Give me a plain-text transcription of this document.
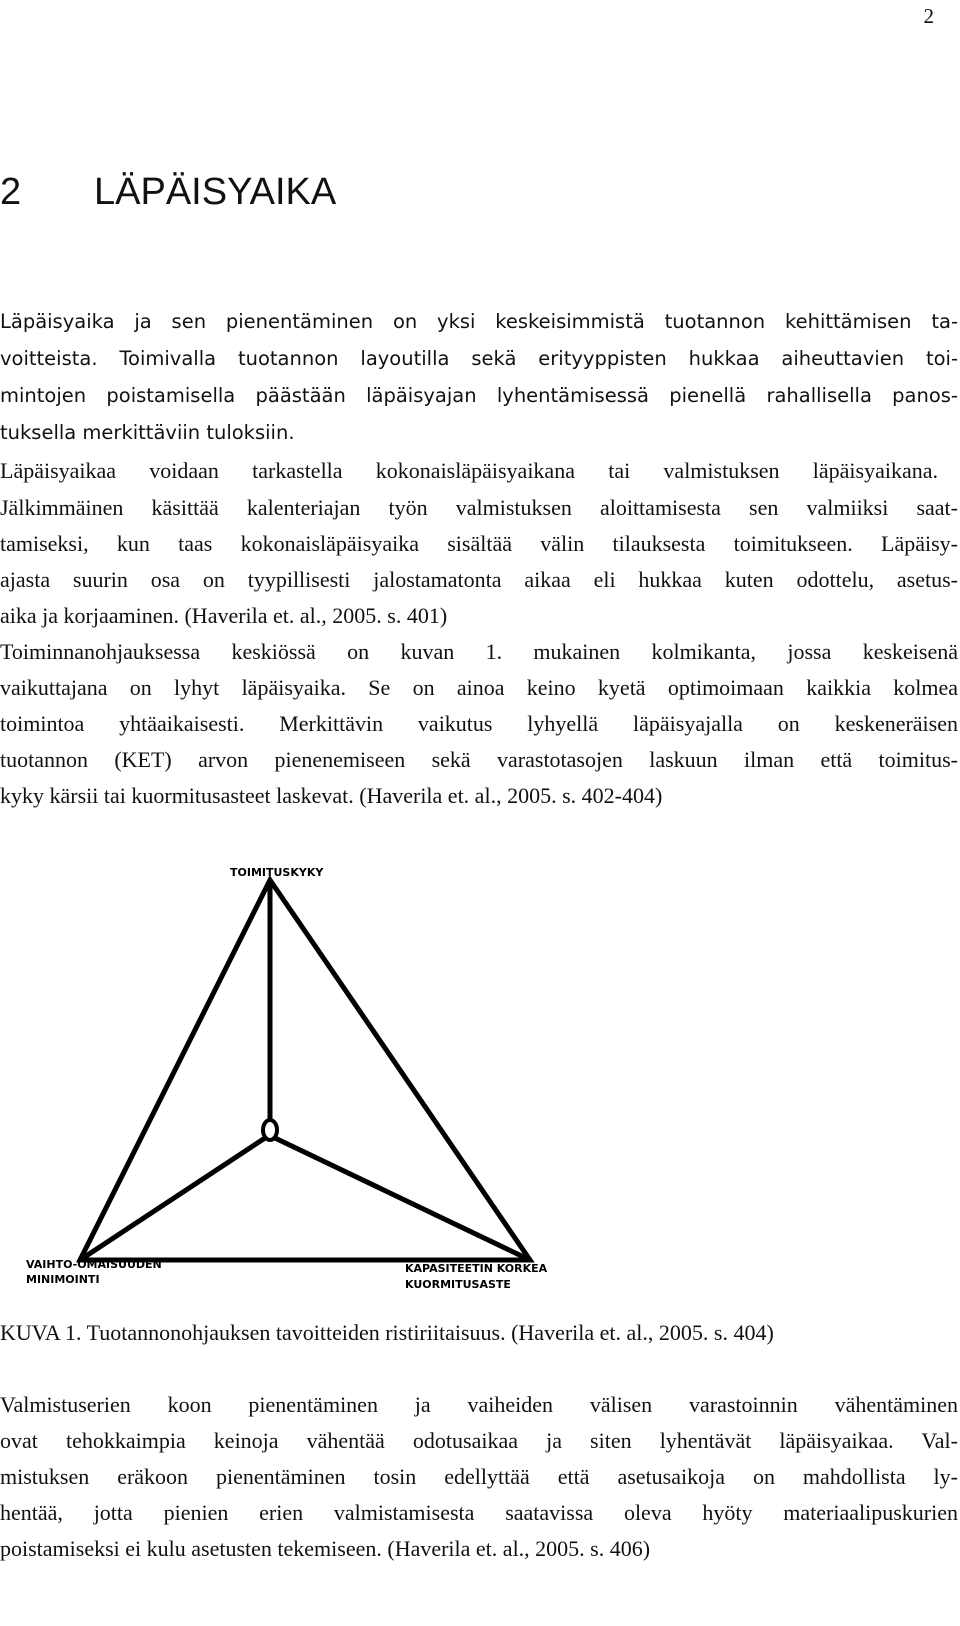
2
2 LÄPÄISYAIKA
Läpäisyaika ja sen pienentäminen on yksi keskeisimmistä tuotannon kehittämisen ta-
voitteista. Toimivalla tuotannon layoutilla sekä erityyppisten hukkaa aiheuttavien toi-
mintojen poistamisella päästään läpäisyajan lyhentämisessä pienellä rahallisella panos-
tuksella merkittäviin tuloksiin.
Läpäisyaikaa voidaan tarkastella kokonaisläpäisyaikana tai valmistuksen läpäisyaikana.
Jälkimmäinen käsittää kalenteriajan työn valmistuksen aloittamisesta sen valmiiksi saat-
tamiseksi, kun taas kokonaisläpäisyaika sisältää välin tilauksesta toimitukseen. Läpäisy-
ajasta suurin osa on tyypillisesti jalostamatonta aikaa eli hukkaa kuten odottelu, asetus-
aika ja korjaaminen. (Haverila et. al., 2005. s. 401)
Toiminnanohjauksessa keskiössä on kuvan 1. mukainen kolmikanta, jossa keskeisenä
vaikuttajana on lyhyt läpäisyaika. Se on ainoa keino kyetä optimoimaan kaikkia kolmea
toimintoa yhtäaikaisesti. Merkittävin vaikutus lyhyellä läpäisyajalla on keskeneräisen
tuotannon (KET) arvon pienenemiseen sekä varastotasojen laskuun ilman että toimitus-
kyky kärsii tai kuormitusasteet laskevat. (Haverila et. al., 2005. s. 402-404)
TOIMITUSKYKY
VAIHTO-OMAISUUDEN
MINIMOINTI
KAPASITEETIN KORKEA
KUORMITUSASTE
KUVA 1. Tuotannonohjauksen tavoitteiden ristiriitaisuus. (Haverila et. al., 2005. s. 404)
Valmistuserien koon pienentäminen ja vaiheiden välisen varastoinnin vähentäminen
ovat tehokkaimpia keinoja vähentää odotusaikaa ja siten lyhentävät läpäisyaikaa. Val-
mistuksen eräkoon pienentäminen tosin edellyttää että asetusaikoja on mahdollista ly-
hentää, jotta pienien erien valmistamisesta saatavissa oleva hyöty materiaalipuskurien
poistamiseksi ei kulu asetusten tekemiseen. (Haverila et. al., 2005. s. 406)
